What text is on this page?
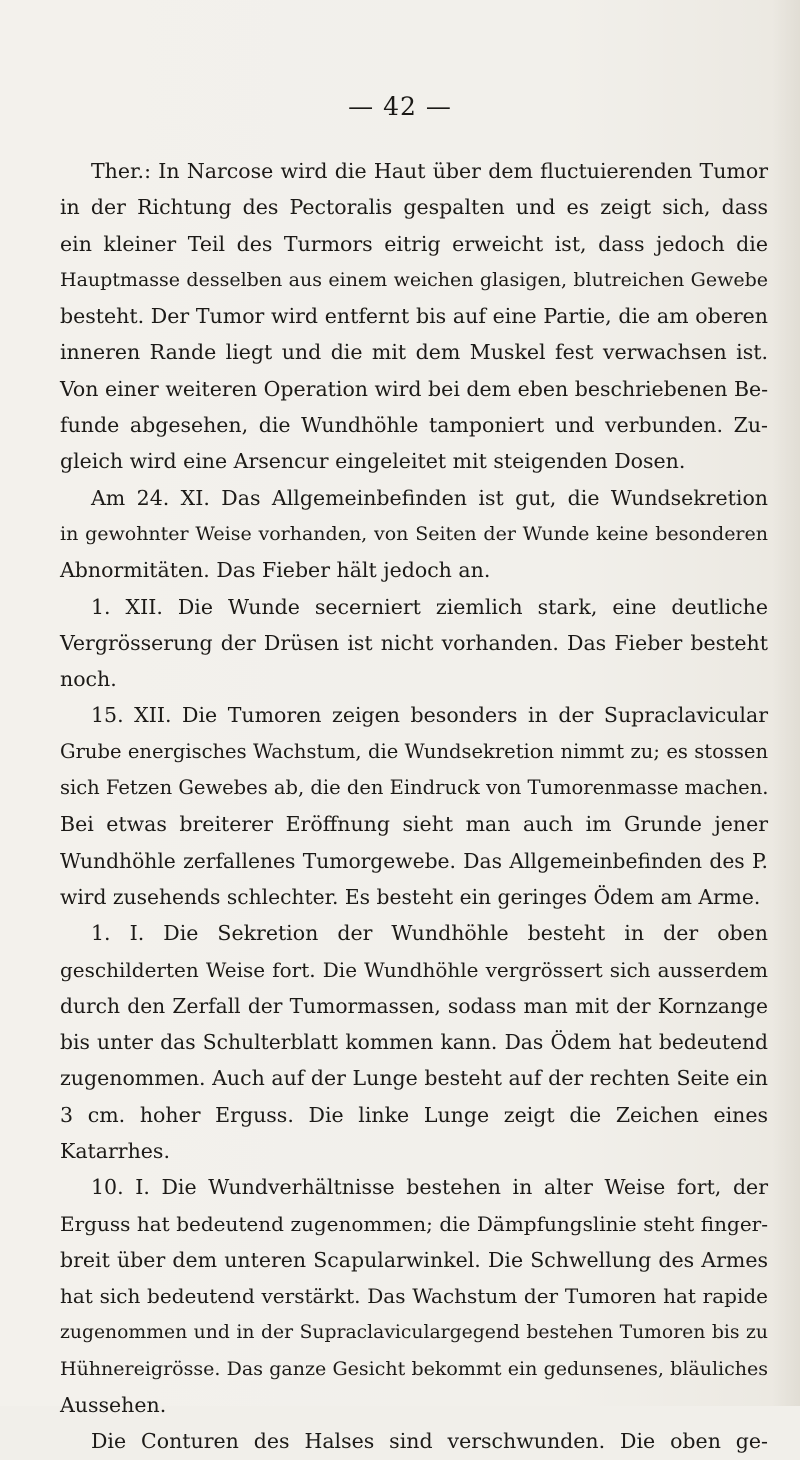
— 42 —
Ther.: In Narcose wird die Haut über dem fluctuierenden Tumor
in der Richtung des Pectoralis gespalten und es zeigt sich, dass
ein kleiner Teil des Turmors eitrig erweicht ist, dass jedoch die
Hauptmasse desselben aus einem weichen glasigen, blutreichen Gewebe
besteht. Der Tumor wird entfernt bis auf eine Partie, die am oberen
inneren Rande liegt und die mit dem Muskel fest verwachsen ist.
Von einer weiteren Operation wird bei dem eben beschriebenen Be-
funde abgesehen, die Wundhöhle tamponiert und verbunden. Zu-
gleich wird eine Arsencur eingeleitet mit steigenden Dosen.
Am 24. XI. Das Allgemeinbefinden ist gut, die Wundsekretion
in gewohnter Weise vorhanden, von Seiten der Wunde keine besonderen
Abnormitäten. Das Fieber hält jedoch an.
1. XII. Die Wunde secerniert ziemlich stark, eine deutliche
Vergrösserung der Drüsen ist nicht vorhanden. Das Fieber besteht
noch.
15. XII. Die Tumoren zeigen besonders in der Supraclavicular
Grube energisches Wachstum, die Wundsekretion nimmt zu; es stossen
sich Fetzen Gewebes ab, die den Eindruck von Tumorenmasse machen.
Bei etwas breiterer Eröffnung sieht man auch im Grunde jener
Wundhöhle zerfallenes Tumorgewebe. Das Allgemeinbefinden des P.
wird zusehends schlechter. Es besteht ein geringes Ödem am Arme.
1. I. Die Sekretion der Wundhöhle besteht in der oben
geschilderten Weise fort. Die Wundhöhle vergrössert sich ausserdem
durch den Zerfall der Tumormassen, sodass man mit der Kornzange
bis unter das Schulterblatt kommen kann. Das Ödem hat bedeutend
zugenommen. Auch auf der Lunge besteht auf der rechten Seite ein
3 cm. hoher Erguss. Die linke Lunge zeigt die Zeichen eines
Katarrhes.
10. I. Die Wundverhältnisse bestehen in alter Weise fort, der
Erguss hat bedeutend zugenommen; die Dämpfungslinie steht finger-
breit über dem unteren Scapularwinkel. Die Schwellung des Armes
hat sich bedeutend verstärkt. Das Wachstum der Tumoren hat rapide
zugenommen und in der Supraclaviculargegend bestehen Tumoren bis zu
Hühnereigrösse. Das ganze Gesicht bekommt ein gedunsenes, bläuliches
Aussehen.
Die Conturen des Halses sind verschwunden. Die oben ge-
